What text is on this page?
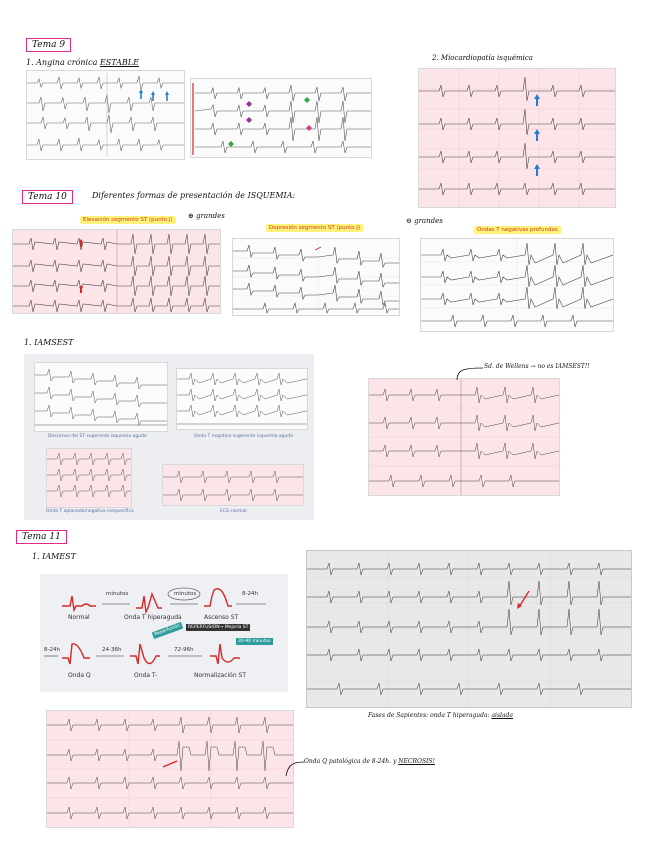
Tema 9
1. Angina crónica ESTABLE	2. Miocardiopatía isquémica
Tema 10	Diferentes formas de presentación de ISQUEMIA:
Elevación segmento ST (punto J)	⊕ grandes
Depresión segmento ST (punto J)
⊖ grandes
Ondas T negativas profundas
1. IAMSEST
Descenso del ST sugerente isquemia aguda	Onda T negativa sugerente isquemia aguda
Onda T aplanada/negativa inespecífica	ECG normal
Sd. de Wellens → no es IAMSEST!!
Tema 11
1. IAMEST
minutos	minutos	8-24h
8-24h	24-36h	72-96h
Normal	Onda T hiperaguda	Ascenso ST
Onda Q	Onda T-	Normalización ST
Reperfusión	REPERFUSIÓN→ Mejoría ST
30-90 minutos
Fases de Sapientes: onda T hiperaguda: aislada
Onda Q patológica de 8-24h. y NECROSIS!
